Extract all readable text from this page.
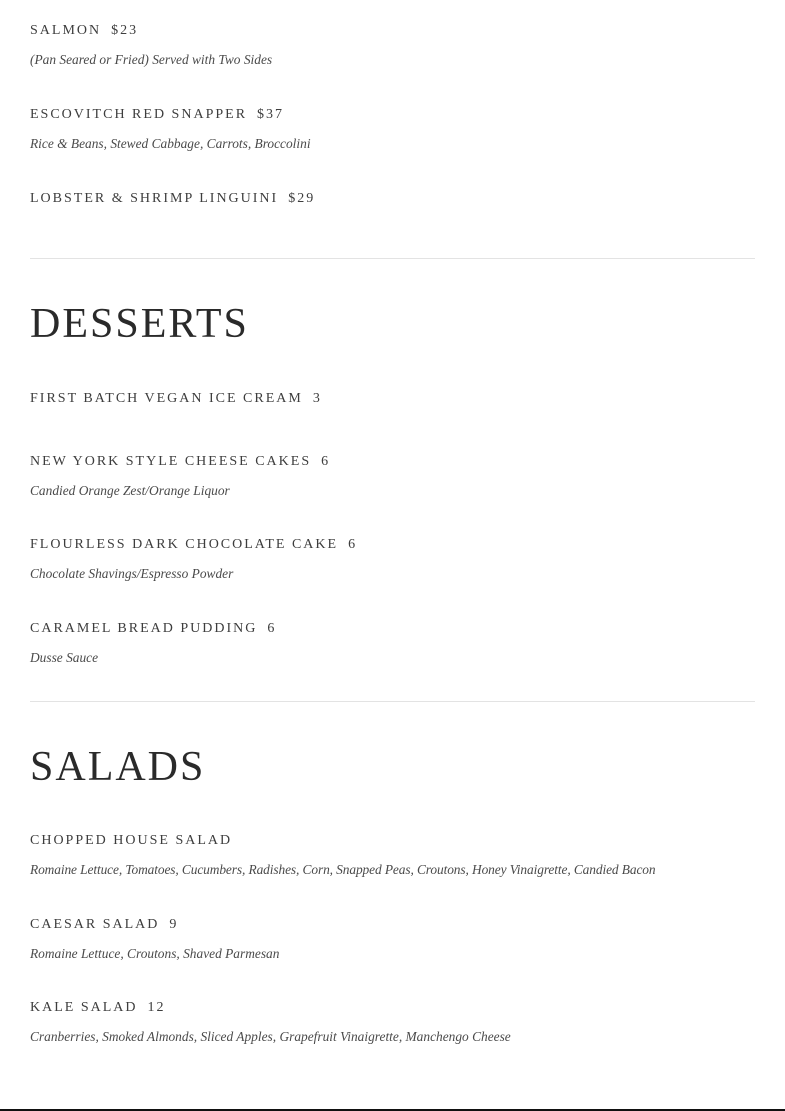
SALMON $23
(Pan Seared or Fried) Served with Two Sides
ESCOVITCH RED SNAPPER $37
Rice & Beans, Stewed Cabbage, Carrots, Broccolini
LOBSTER & SHRIMP LINGUINI $29
DESSERTS
FIRST BATCH VEGAN ICE CREAM 3
NEW YORK STYLE CHEESE CAKES 6
Candied Orange Zest/Orange Liquor
FLOURLESS DARK CHOCOLATE CAKE 6
Chocolate Shavings/Espresso Powder
CARAMEL BREAD PUDDING 6
Dusse Sauce
SALADS
CHOPPED HOUSE SALAD
Romaine Lettuce, Tomatoes, Cucumbers, Radishes, Corn, Snapped Peas, Croutons, Honey Vinaigrette, Candied Bacon
CAESAR SALAD 9
Romaine Lettuce, Croutons, Shaved Parmesan
KALE SALAD 12
Cranberries, Smoked Almonds, Sliced Apples, Grapefruit Vinaigrette, Manchengo Cheese
